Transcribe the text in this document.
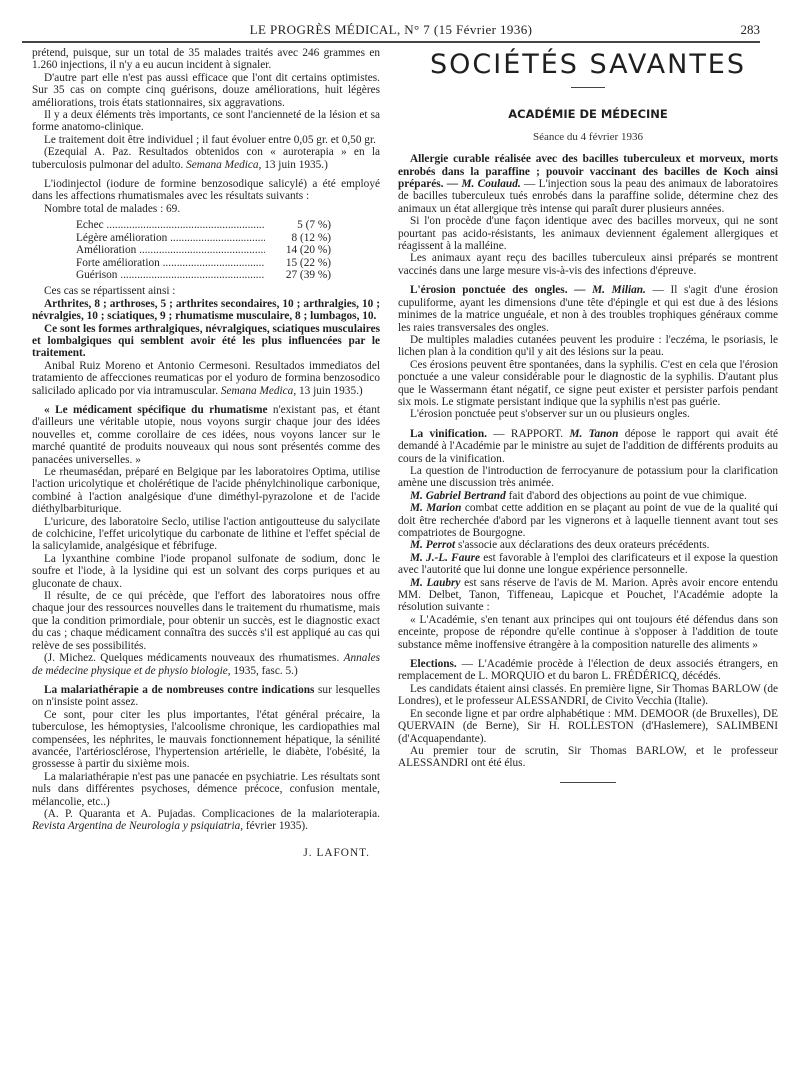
LE PROGRÈS MÉDICAL, N° 7 (15 Février 1936)	283

prétend, puisque, sur un total de 35 malades traités avec 246 grammes en 1.260 injections, il n'y a eu aucun incident à signaler.

D'autre part elle n'est pas aussi efficace que l'ont dit certains optimistes. Sur 35 cas on compte cinq guérisons, douze améliorations, huit légères améliorations, trois états stationnaires, six aggravations.

Il y a deux éléments très importants, ce sont l'ancienneté de la lésion et sa forme anatomo-clinique.

Le traitement doit être individuel ; il faut évoluer entre 0,05 gr. et 0,50 gr.

(Ezequial A. Paz. Resultados obtenidos con « auroterapia » en la tuberculosis pulmonar del adulto. Semana Medica, 13 juin 1935.)

L'iodinjectol (iodure de formine benzosodique salicylé) a été employé dans les affections rhumatismales avec les résultats suivants :

Nombre total de malades : 69.

Echec .....	5 (7 %)
Légère amélioration .....	8 (12 %)
Amélioration .....	14 (20 %)
Forte amélioration .....	15 (22 %)
Guérison .....	27 (39 %)

Ces cas se répartissent ainsi :

Arthrites, 8 ; arthroses, 5 ; arthrites secondaires, 10 ; arthralgies, 10 ; névralgies, 10 ; sciatiques, 9 ; rhumatisme musculaire, 8 ; lumbagos, 10.

Ce sont les formes arthralgiques, névralgiques, sciatiques musculaires et lombalgiques qui semblent avoir été les plus influencées par le traitement.

Anibal Ruiz Moreno et Antonio Cermesoni. Resultados immediatos del tratamiento de affecciones reumaticas por el yoduro de formina benzosodico salicilado aplicado por via intramuscular. Semana Medica, 13 juin 1935.)

« Le médicament spécifique du rhumatisme n'existant pas, et étant d'ailleurs une véritable utopie, nous voyons surgir chaque jour des idées nouvelles et, comme corollaire de ces idées, nous voyons lancer sur le marché quantité de produits nouveaux qui nous sont présentés comme des panacées universelles. »

Le rheumasédan, préparé en Belgique par les laboratoires Optima, utilise l'action uricolytique et cholérétique de l'acide phénylchinolique carbonique, combiné à l'action analgésique d'une diméthyl-pyrazolone et de l'acide diéthylbarbiturique.

L'uricure, des laboratoire Seclo, utilise l'action antigoutteuse du salycilate de colchicine, l'effet uricolytique du carbonate de lithine et l'effet spécial de la salicylamide, analgésique et fébrifuge.

La lyxanthine combine l'iode propanol sulfonate de sodium, donc le soufre et l'iode, à la lysidine qui est un solvant des corps puriques et au gluconate de chaux.

Il résulte, de ce qui précède, que l'effort des laboratoires nous offre chaque jour des ressources nouvelles dans le traitement du rhumatisme, mais que la condition primordiale, pour obtenir un succès, est le diagnostic exact du cas ; chaque médicament connaîtra des succès s'il est appliqué au cas qui relève de ses possibilités.

(J. Michez. Quelques médicaments nouveaux des rhumatismes. Annales de médecine physique et de physio biologie, 1935, fasc. 5.)

La malariathérapie a de nombreuses contre indications sur lesquelles on n'insiste point assez.

Ce sont, pour citer les plus importantes, l'état général précaire, la tuberculose, les hémoptysies, l'alcoolisme chronique, les cardiopathies mal compensées, les néphrites, le mauvais fonctionnement hépatique, la sénilité avancée, l'artériosclérose, l'hypertension artérielle, le diabète, l'obésité, la grossesse à partir du sixième mois.

La malariathérapie n'est pas une panacée en psychiatrie. Les résultats sont nuls dans différentes psychoses, démence précoce, confusion mentale, mélancolie, etc..)

(A. P. Quaranta et A. Pujadas. Complicaciones de la malarioterapia. Revista Argentina de Neurologia y psiquiatria, février 1935).

J. LAFONT.
SOCIÉTÉS SAVANTES
ACADÉMIE DE MÉDECINE
Séance du 4 février 1936

Allergie curable réalisée avec des bacilles tuberculeux et morveux, morts enrobés dans la paraffine ; pouvoir vaccinant des bacilles de Koch ainsi préparés. — M. Coulaud. — L'injection sous la peau des animaux de laboratoires de bacilles tuberculeux tués enrobés dans la paraffine solide, détermine chez des animaux un état allergique très intense qui paraît durer plusieurs années.

Si l'on procède d'une façon identique avec des bacilles morveux, qui ne sont pourtant pas acido-résistants, les animaux deviennent également allergiques et réagissent à la malléine.

Les animaux ayant reçu des bacilles tuberculeux ainsi préparés se montrent vaccinés dans une large mesure vis-à-vis des infections d'épreuve.

L'érosion ponctuée des ongles. — M. Milian. — Il s'agit d'une érosion cupuliforme, ayant les dimensions d'une tête d'épingle et qui est due à des lésions minimes de la matrice unguéale, et non à des troubles trophiques généraux comme les raies transversales des ongles.

De multiples maladies cutanées peuvent les produire : l'eczéma, le psoriasis, le lichen plan à la condition qu'il y ait des lésions sur la peau.

Ces érosions peuvent être spontanées, dans la syphilis. C'est en cela que l'érosion ponctuée a une valeur considérable pour le diagnostic de la syphilis. D'autant plus que le Wassermann étant négatif, ce signe peut exister et persister parfois pendant six mois. Le stigmate persistant indique que la syphilis n'est pas guérie.

L'érosion ponctuée peut s'observer sur un ou plusieurs ongles.

La vinification. — RAPPORT. M. Tanon dépose le rapport qui avait été demandé à l'Académie par le ministre au sujet de l'addition de différents produits au cours de la vinification.

La question de l'introduction de ferrocyanure de potassium pour la clarification amène une discussion très animée.

M. Gabriel Bertrand fait d'abord des objections au point de vue chimique.

M. Marion combat cette addition en se plaçant au point de vue de la qualité qui doit être recherchée d'abord par les vignerons et à laquelle tiennent avant tout ses compatriotes de Bourgogne.

M. Perrot s'associe aux déclarations des deux orateurs précédents.

M. J.-L. Faure est favorable à l'emploi des clarificateurs et il expose la question avec l'autorité que lui donne une longue expérience personnelle.

M. Laubry est sans réserve de l'avis de M. Marion. Après avoir encore entendu MM. Delbet, Tanon, Tiffeneau, Lapicque et Pouchet, l'Académie adopte la résolution suivante :

« L'Académie, s'en tenant aux principes qui ont toujours été défendus dans son enceinte, propose de répondre qu'elle continue à s'opposer à l'addition de toute substance même inoffensive étrangère à la composition naturelle des aliments »

Elections. — L'Académie procède à l'élection de deux associés étrangers, en remplacement de L. MORQUIO et du baron L. FRÉDÉRICQ, décédés.

Les candidats étaient ainsi classés. En première ligne, Sir Thomas BARLOW (de Londres), et le professeur ALESSANDRI, de Civito Vecchia (Italie).

En seconde ligne et par ordre alphabétique : MM. DEMOOR (de Bruxelles), DE QUERVAIN (de Berne), Sir H. ROLLESTON (d'Haslemere), SALIMBENI (d'Acquapendante).

Au premier tour de scrutin, Sir Thomas BARLOW, et le professeur ALESSANDRI ont été élus.
